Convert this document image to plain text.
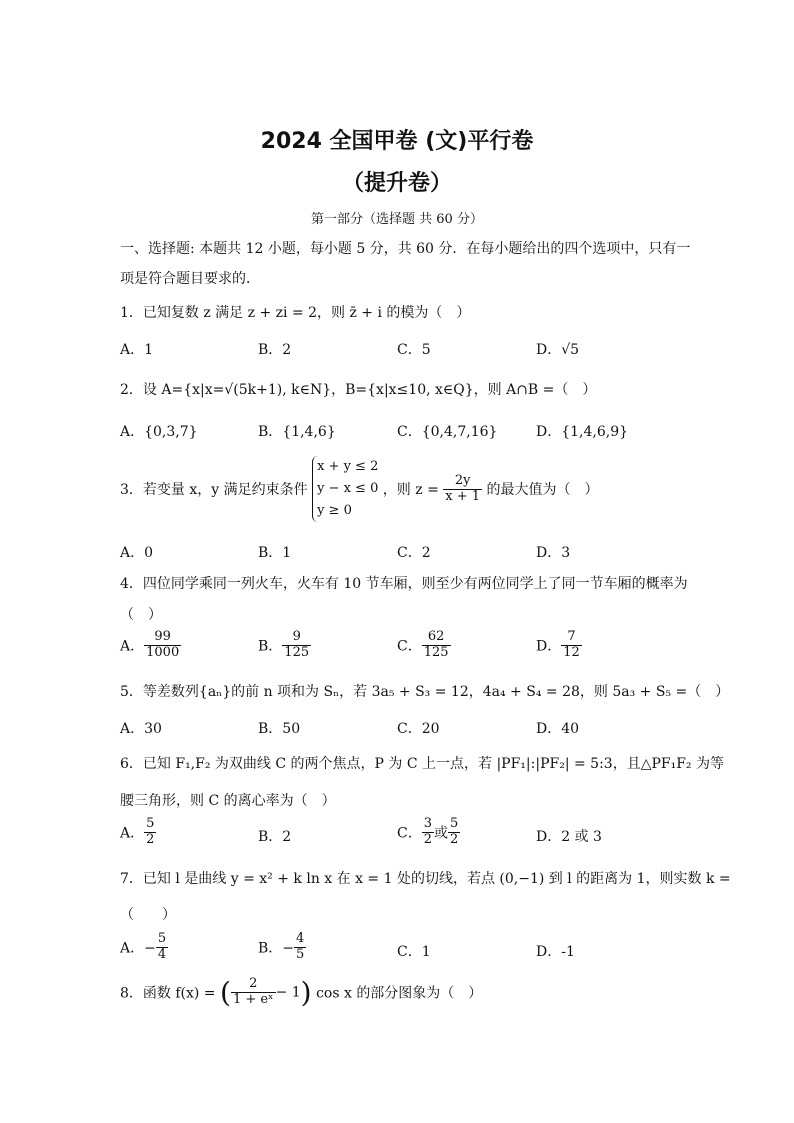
2024 全国甲卷 (文)平行卷
（提升卷）
第一部分（选择题 共 60 分）
一、选择题: 本题共 12 小题，每小题 5 分，共 60 分．在每小题给出的四个选项中，只有一
项是符合题目要求的．
1．已知复数 z 满足 z + zi = 2，则 z̄ + i 的模为（　）
A．1	B．2	C．5	D．√5
2．设 A={x|x=√(5k+1), k∈N}，B={x|x≤10, x∈Q}，则 A∩B =（　）
A．{0,3,7}	B．{1,4,6}	C．{0,4,7,16}	D．{1,4,6,9}
3．若变量 x，y 满足约束条件
x + y ≤ 2
y − x ≤ 0
y ≥ 0
，则 $z = \frac{2y}{x + 1}$ 的最大值为（　）
A．0	B．1	C．2	D．3
4．四位同学乘同一列火车，火车有 10 节车厢，则至少有两位同学上了同一节车厢的概率为
（　）
A． $\frac{99}{1000}$	B． $\frac{9}{125}$	C． $\frac{62}{125}$	D． $\frac{7}{12}$
5．等差数列{aₙ}的前 n 项和为 Sₙ，若 3a₅ + S₃ = 12，4a₄ + S₄ = 28，则 5a₃ + S₅ =（　）
A．30	B．50	C．20	D．40
6．已知 F₁,F₂ 为双曲线 C 的两个焦点，P 为 C 上一点，若 |PF₁|:|PF₂| = 5:3，且△PF₁F₂ 为等
腰三角形，则 C 的离心率为（　）
A． $\frac{5}{2}$	B．2	C． $\frac{3}{2}$ 或 $\frac{5}{2}$	D．2 或 3
7．已知 l 是曲线 y = x² + k ln x 在 x = 1 处的切线，若点 (0,−1) 到 l 的距离为 1，则实数 k =
（　　）
A．− $\frac{5}{4}$	B．− $\frac{4}{5}$	C．1	D．-1
8．函数 f(x) = ( $\frac{2}{\text{1 + eˣ}} - 1$) cos x 的部分图象为（　）
